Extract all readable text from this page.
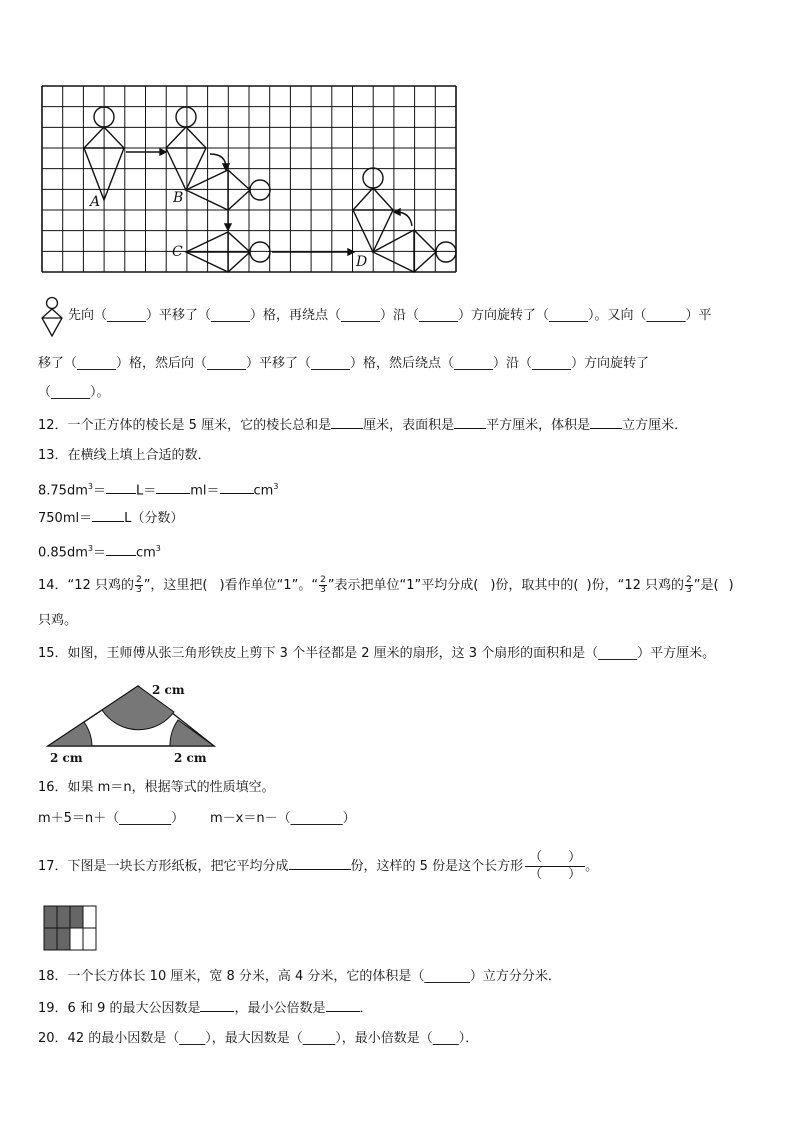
A	B
C
D
先向（______）平移了（______）格，再绕点（______）沿（______）方向旋转了（______）。又向（______）平
移了（______）格，然后向（______）平移了（______）格，然后绕点（______）沿（______）方向旋转了
（______）。
12．一个正方体的棱长是 5 厘米，它的棱长总和是 厘米，表面积是 平方厘米，体积是 立方厘米．
13．在横线上填上合适的数．
$8.75dm^3= L=$	ml＝	$cm^3$
750ml＝ L（分数）
$0.85dm^3= cm^3$
14．“12 只鸡的 $\frac{2}{3}$ ”，这里把( )看作单位“1”。“ $\frac{2}{3}$ ”表示把单位“1”平均分成( )份，取其中的( )份，“12 只鸡的 $\frac{2}{3}$ ”是( )
只鸡。
15．如图，王师傅从张三角形铁皮上剪下 3 个半径都是 2 厘米的扇形，这 3 个扇形的面积和是（______）平方厘米。
2 cm
2 cm	2 cm
16．如果 m＝n，根据等式的性质填空。
m＋5＝n＋（________） m－x＝n－（________）
17．下图是一块长方形纸板，把它平均分成	份，这样的 5 份是这个长方形
（　　）
（　　）
。
18．一个长方体长 10 厘米，宽 8 分米，高 4 分米，它的体积是（_______）立方分分米．
19．6 和 9 的最大公因数是	，最小公倍数是	．
20．42 的最小因数是（____），最大因数是（_____），最小倍数是（____）．
